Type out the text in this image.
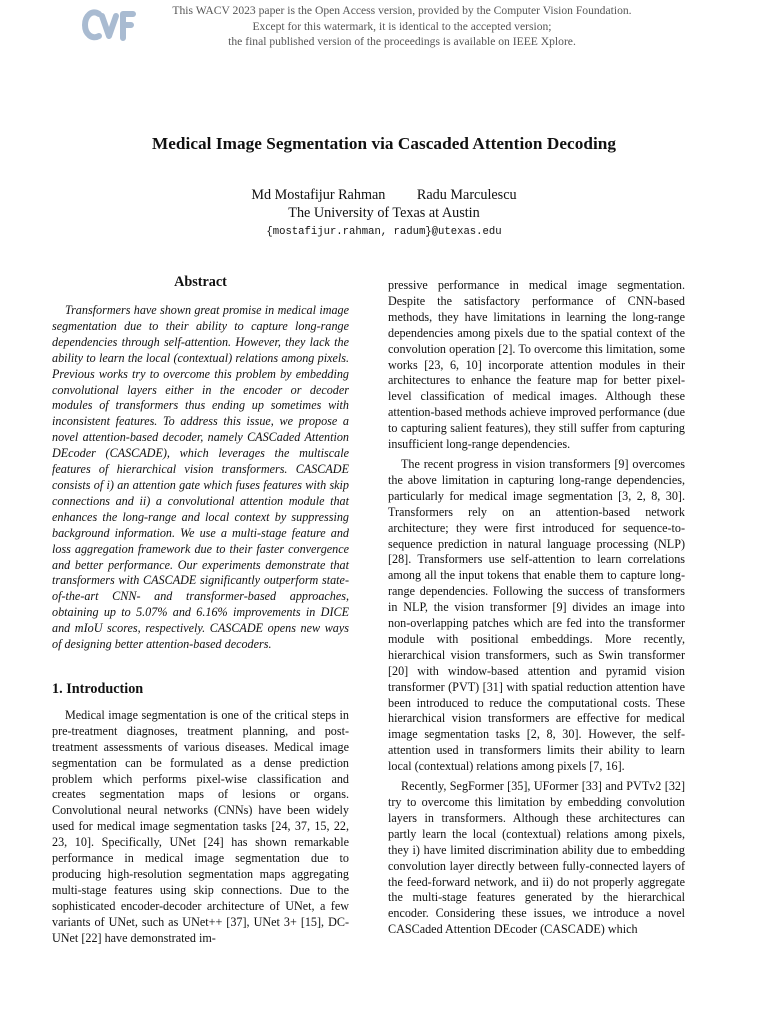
This WACV 2023 paper is the Open Access version, provided by the Computer Vision Foundation.
Except for this watermark, it is identical to the accepted version;
the final published version of the proceedings is available on IEEE Xplore.
Medical Image Segmentation via Cascaded Attention Decoding
Md Mostafijur Rahman Radu Marculescu
The University of Texas at Austin
{mostafijur.rahman, radum}@utexas.edu
Abstract

Transformers have shown great promise in medical image segmentation due to their ability to capture long-range dependencies through self-attention. However, they lack the ability to learn the local (contextual) relations among pixels. Previous works try to overcome this problem by embedding convolutional layers either in the encoder or decoder modules of transformers thus ending up sometimes with inconsistent features. To address this issue, we propose a novel attention-based decoder, namely CASCaded Attention DEcoder (CASCADE), which leverages the multiscale features of hierarchical vision transformers. CASCADE consists of i) an attention gate which fuses features with skip connections and ii) a convolutional attention module that enhances the long-range and local context by suppressing background information. We use a multi-stage feature and loss aggregation framework due to their faster convergence and better performance. Our experiments demonstrate that transformers with CASCADE significantly outperform state-of-the-art CNN- and transformer-based approaches, obtaining up to 5.07% and 6.16% improvements in DICE and mIoU scores, respectively. CASCADE opens new ways of designing better attention-based decoders.

1. Introduction

Medical image segmentation is one of the critical steps in pre-treatment diagnoses, treatment planning, and post-treatment assessments of various diseases. Medical image segmentation can be formulated as a dense prediction problem which performs pixel-wise classification and creates segmentation maps of lesions or organs. Convolutional neural networks (CNNs) have been widely used for medical image segmentation tasks [24, 37, 15, 22, 23, 10]. Specifically, UNet [24] has shown remarkable performance in medical image segmentation due to producing high-resolution segmentation maps aggregating multi-stage features using skip connections. Due to the sophisticated encoder-decoder architecture of UNet, a few variants of UNet, such as UNet++ [37], UNet 3+ [15], DC-UNet [22] have demonstrated im-

pressive performance in medical image segmentation. Despite the satisfactory performance of CNN-based methods, they have limitations in learning the long-range dependencies among pixels due to the spatial context of the convolution operation [2]. To overcome this limitation, some works [23, 6, 10] incorporate attention modules in their architectures to enhance the feature map for better pixel-level classification of medical images. Although these attention-based methods achieve improved performance (due to capturing salient features), they still suffer from capturing insufficient long-range dependencies.

The recent progress in vision transformers [9] overcomes the above limitation in capturing long-range dependencies, particularly for medical image segmentation [3, 2, 8, 30]. Transformers rely on an attention-based network architecture; they were first introduced for sequence-to-sequence prediction in natural language processing (NLP) [28]. Transformers use self-attention to learn correlations among all the input tokens that enable them to capture long-range dependencies. Following the success of transformers in NLP, the vision transformer [9] divides an image into non-overlapping patches which are fed into the transformer module with positional embeddings. More recently, hierarchical vision transformers, such as Swin transformer [20] with window-based attention and pyramid vision transformer (PVT) [31] with spatial reduction attention have been introduced to reduce the computational costs. These hierarchical vision transformers are effective for medical image segmentation tasks [2, 8, 30]. However, the self-attention used in transformers limits their ability to learn local (contextual) relations among pixels [7, 16].

Recently, SegFormer [35], UFormer [33] and PVTv2 [32] try to overcome this limitation by embedding convolution layers in transformers. Although these architectures can partly learn the local (contextual) relations among pixels, they i) have limited discrimination ability due to embedding convolution layer directly between fully-connected layers of the feed-forward network, and ii) do not properly aggregate the multi-stage features generated by the hierarchical encoder. Considering these issues, we introduce a novel CASCaded Attention DEcoder (CASCADE) which
